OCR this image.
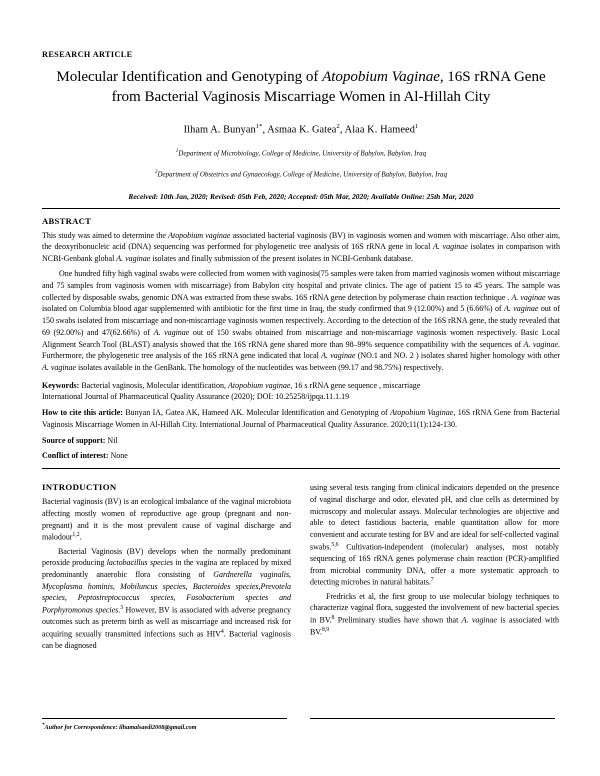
RESEARCH ARTICLE
Molecular Identification and Genotyping of Atopobium Vaginae, 16S rRNA Gene from Bacterial Vaginosis Miscarriage Women in Al-Hillah City
Ilham A. Bunyan$^{1*}$, Asmaa K. Gatea$^2$, Alaa K. Hameed$^1$
$^1$Department of Microbiology, College of Medicine, University of Babylon, Babylon, Iraq
$^2$Department of Obstetrics and Gynaecology, College of Medicine, University of Babylon, Babylon, Iraq
Received: 10th Jan, 2020; Revised: 05th Feb, 2020; Accepted: 05th Mar, 2020; Available Online: 25th Mar, 2020
ABSTRACT

This study was aimed to determine the Atopobium vaginae associated bacterial vaginosis (BV) in vaginosis women and women with miscarriage. Also other aim, the deoxyribonucleic acid (DNA) sequencing was performed for phylogenetic tree analysis of 16S rRNA gene in local A. vaginae isolates in comparison with NCBI-Genbank global A. vaginae isolates and finally submission of the present isolates in NCBI-Genbank database.

One hundred fifty high vaginal swabs were collected from women with vaginosis(75 samples were taken from married vaginosis women without miscarriage and 75 samples from vaginosis women with miscarriage) from Babylon city hospital and private clinics. The age of patient 15 to 45 years. The sample was collected by disposable swabs, genomic DNA was extracted from these swabs. 16S rRNA gene detection by polymerase chain reaction technique . A. vaginae was isolated on Columbia blood agar supplemented with antibiotic for the first time in Iraq, the study confirmed that 9 (12.00%) and 5 (6.66%) of A. vaginae out of 150 swabs isolated from miscarriage and non-miscarriage vaginosis women respectively. According to the detection of the 16S rRNA gene, the study revealed that 69 (92.00%) and 47(62.66%) of A. vaginae out of 150 swabs obtained from miscarriage and non-miscarriage vaginosis women respectively. Basic Local Alignment Search Tool (BLAST) analysis showed that the 16S rRNA gene shared more than 98–99% sequence compatibility with the sequences of A. vaginae. Furthermore, the phylogenetic tree analysis of the 16S rRNA gene indicated that local A. vaginae (NO.1 and NO. 2 ) isolates shared higher homology with other A. vaginae isolates available in the GenBank. The homology of the nucleotides was between (99.17 and 98.75%) respectively.

Keywords: Bacterial vaginosis, Molecular identification, Atopobium vaginae, 16 s rRNA gene sequence , miscarriage

International Journal of Pharmaceutical Quality Assurance (2020); DOI: 10.25258/ijpqa.11.1.19

How to cite this article: Bunyan IA, Gatea AK, Hameed AK. Molecular Identification and Genotyping of Atopobium Vaginae, 16S rRNA Gene from Bacterial Vaginosis Miscarriage Women in Al-Hillah City. International Journal of Pharmaceutical Quality Assurance. 2020;11(1):124-130.

Source of support: Nil

Conflict of interest: None

INTRODUCTION

Bacterial vaginosis (BV) is an ecological imbalance of the vaginal microbiota affecting mostly women of reproductive age group (pregnant and non-pregnant) and it is the most prevalent cause of vaginal discharge and malodour$^{1,2}$.

Bacterial Vaginosis (BV) develops when the normally predominant peroxide producing lactobacillus species in the vagina are replaced by mixed predominantly anaerobic flora consisting of Gardnerella vaginalis, Mycoplasma hominis, Mobiluncus species, Bacteroides species,Prevotela species, Peptostreptococcus species, Fusobacterium species and Porphyromonas species.$^3$ However, BV is associated with adverse pregnancy outcomes such as preterm birth as well as miscarriage and increased risk for acquiring sexually transmitted infections such as HIV$^4$. Bacterial vaginosis can be diagnosed

using several tests ranging from clinical indicators depended on the presence of vaginal discharge and odor, elevated pH, and clue cells as determined by microscopy and molecular assays. Molecular technologies are objective and able to detect fastidious bacteria, enable quantitation allow for more convenient and accurate testing for BV and are ideal for self-collected vaginal swabs.$^{5,6}$ Cultivation-independent (molecular) analyses, most notably sequencing of 16S rRNA genes polymerase chain reaction (PCR)-amplified from microbial community DNA, offer a more systematic approach to detecting microbes in natural habitats.$^7$

Fredricks et al, the first group to use molecular biology techniques to characterize vaginal flora, suggested the involvement of new bacterial species in BV.$^8$ Preliminary studies have shown that A. vaginae is associated with BV.$^{8,9}$

*Author for Correspondence: ilhamalsaedi2008@gmail.com
